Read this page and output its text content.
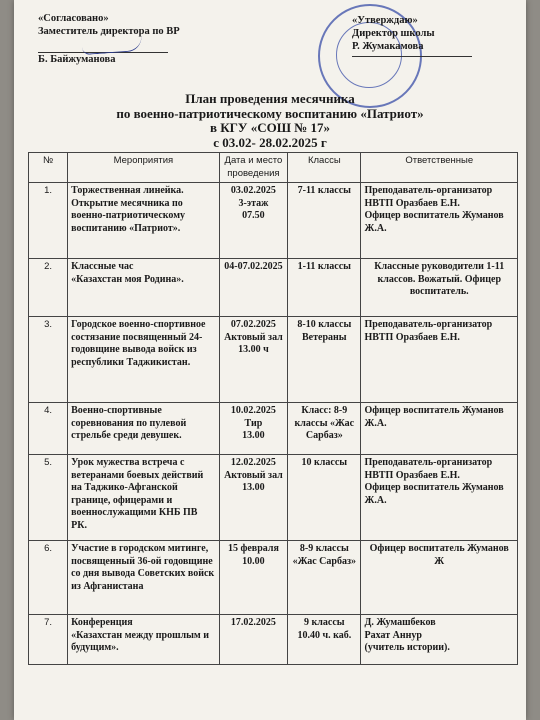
«Согласовано»
Заместитель директора по ВР
Б. Байжуманова
«Утверждаю»
Директор школы
Р. Жумакамова
План проведения месячника
по военно-патриотическому воспитанию «Патриот»
в КГУ «СОШ № 17»
с 03.02- 28.02.2025 г
№	Мероприятия	Дата и место проведения	Классы	Ответственные
1.	Торжественная линейка. Открытие месячника по военно-патриотическому воспитанию «Патриот».	03.02.2025
3-этаж
07.50	7-11 классы	Преподаватель-организатор НВТП Оразбаев Е.Н.
Офицер воспитатель Жуманов Ж.А.
2.	Классные час
«Казахстан моя Родина».	04-07.02.2025	1-11 классы	Классные руководители 1-11 классов. Вожатый. Офицер воспитатель.
3.	Городское военно-спортивное состязание посвященный 24-годовщине вывода войск из республики Таджикистан.	07.02.2025
Актовый зал
13.00 ч	8-10 классы
Ветераны	Преподаватель-организатор НВТП Оразбаев Е.Н.
4.	Военно-спортивные соревнования по пулевой стрельбе среди девушек.	10.02.2025
Тир
13.00	Класс: 8-9 классы «Жас Сарбаз»	Офицер воспитатель Жуманов Ж.А.
5.	Урок мужества встреча с ветеранами боевых действий на Таджико-Афганской границе, офицерами и военнослужащими КНБ ПВ РК.	12.02.2025
Актовый зал
13.00	10 классы	Преподаватель-организатор НВТП Оразбаев Е.Н.
Офицер воспитатель Жуманов Ж.А.
6.	Участие в городском митинге, посвященный 36-ой годовщине со дня вывода Советских войск из Афганистана	15 февраля
10.00	8-9 классы «Жас Сарбаз»	Офицер воспитатель Жуманов Ж
7.	Конференция
«Казахстан между прошлым и будущим».	17.02.2025	9 классы
10.40 ч. каб.	Д. Жумашбеков
Рахат Аннур
(учитель истории).
